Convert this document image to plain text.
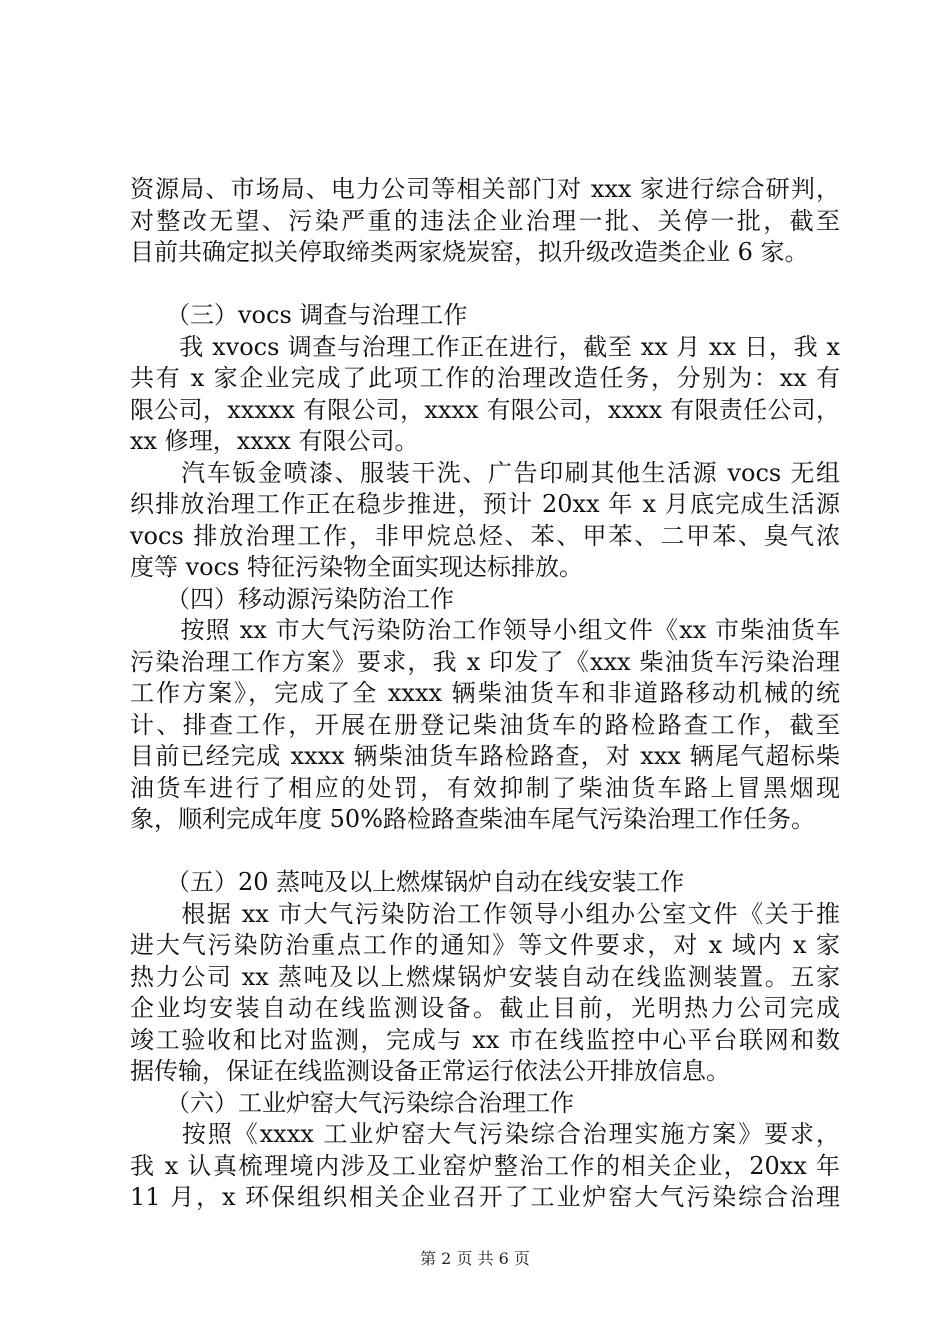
资源局、市场局、电力公司等相关部门对 xxx 家进行综合研判，
对整改无望、污染严重的违法企业治理一批、关停一批，截至
目前共确定拟关停取缔类两家烧炭窑，拟升级改造类企业 6 家。
　　（三）vocs 调查与治理工作
　　我 xvocs 调查与治理工作正在进行，截至 xx 月 xx 日，我 x
共有 x 家企业完成了此项工作的治理改造任务，分别为：xx 有
限公司，xxxxx 有限公司，xxxx 有限公司，xxxx 有限责任公司，
xx 修理，xxxx 有限公司。
　　汽车钣金喷漆、服装干洗、广告印刷其他生活源 vocs 无组
织排放治理工作正在稳步推进，预计 20xx 年 x 月底完成生活源
vocs 排放治理工作，非甲烷总烃、苯、甲苯、二甲苯、臭气浓
度等 vocs 特征污染物全面实现达标排放。
　　（四）移动源污染防治工作
　　按照 xx 市大气污染防治工作领导小组文件《xx 市柴油货车
污染治理工作方案》要求，我 x 印发了《xxx 柴油货车污染治理
工作方案》，完成了全 xxxx 辆柴油货车和非道路移动机械的统
计、排查工作，开展在册登记柴油货车的路检路查工作，截至
目前已经完成 xxxx 辆柴油货车路检路查，对 xxx 辆尾气超标柴
油货车进行了相应的处罚，有效抑制了柴油货车路上冒黑烟现
象，顺利完成年度 50%路检路查柴油车尾气污染治理工作任务。
　　（五）20 蒸吨及以上燃煤锅炉自动在线安装工作
　　根据 xx 市大气污染防治工作领导小组办公室文件《关于推
进大气污染防治重点工作的通知》等文件要求，对 x 域内 x 家
热力公司 xx 蒸吨及以上燃煤锅炉安装自动在线监测装置。五家
企业均安装自动在线监测设备。截止目前，光明热力公司完成
竣工验收和比对监测，完成与 xx 市在线监控中心平台联网和数
据传输，保证在线监测设备正常运行依法公开排放信息。
　　（六）工业炉窑大气污染综合治理工作
　　按照《xxxx 工业炉窑大气污染综合治理实施方案》要求，
我 x 认真梳理境内涉及工业窑炉整治工作的相关企业，20xx 年
11 月，x 环保组织相关企业召开了工业炉窑大气污染综合治理
第 2 页 共 6 页
